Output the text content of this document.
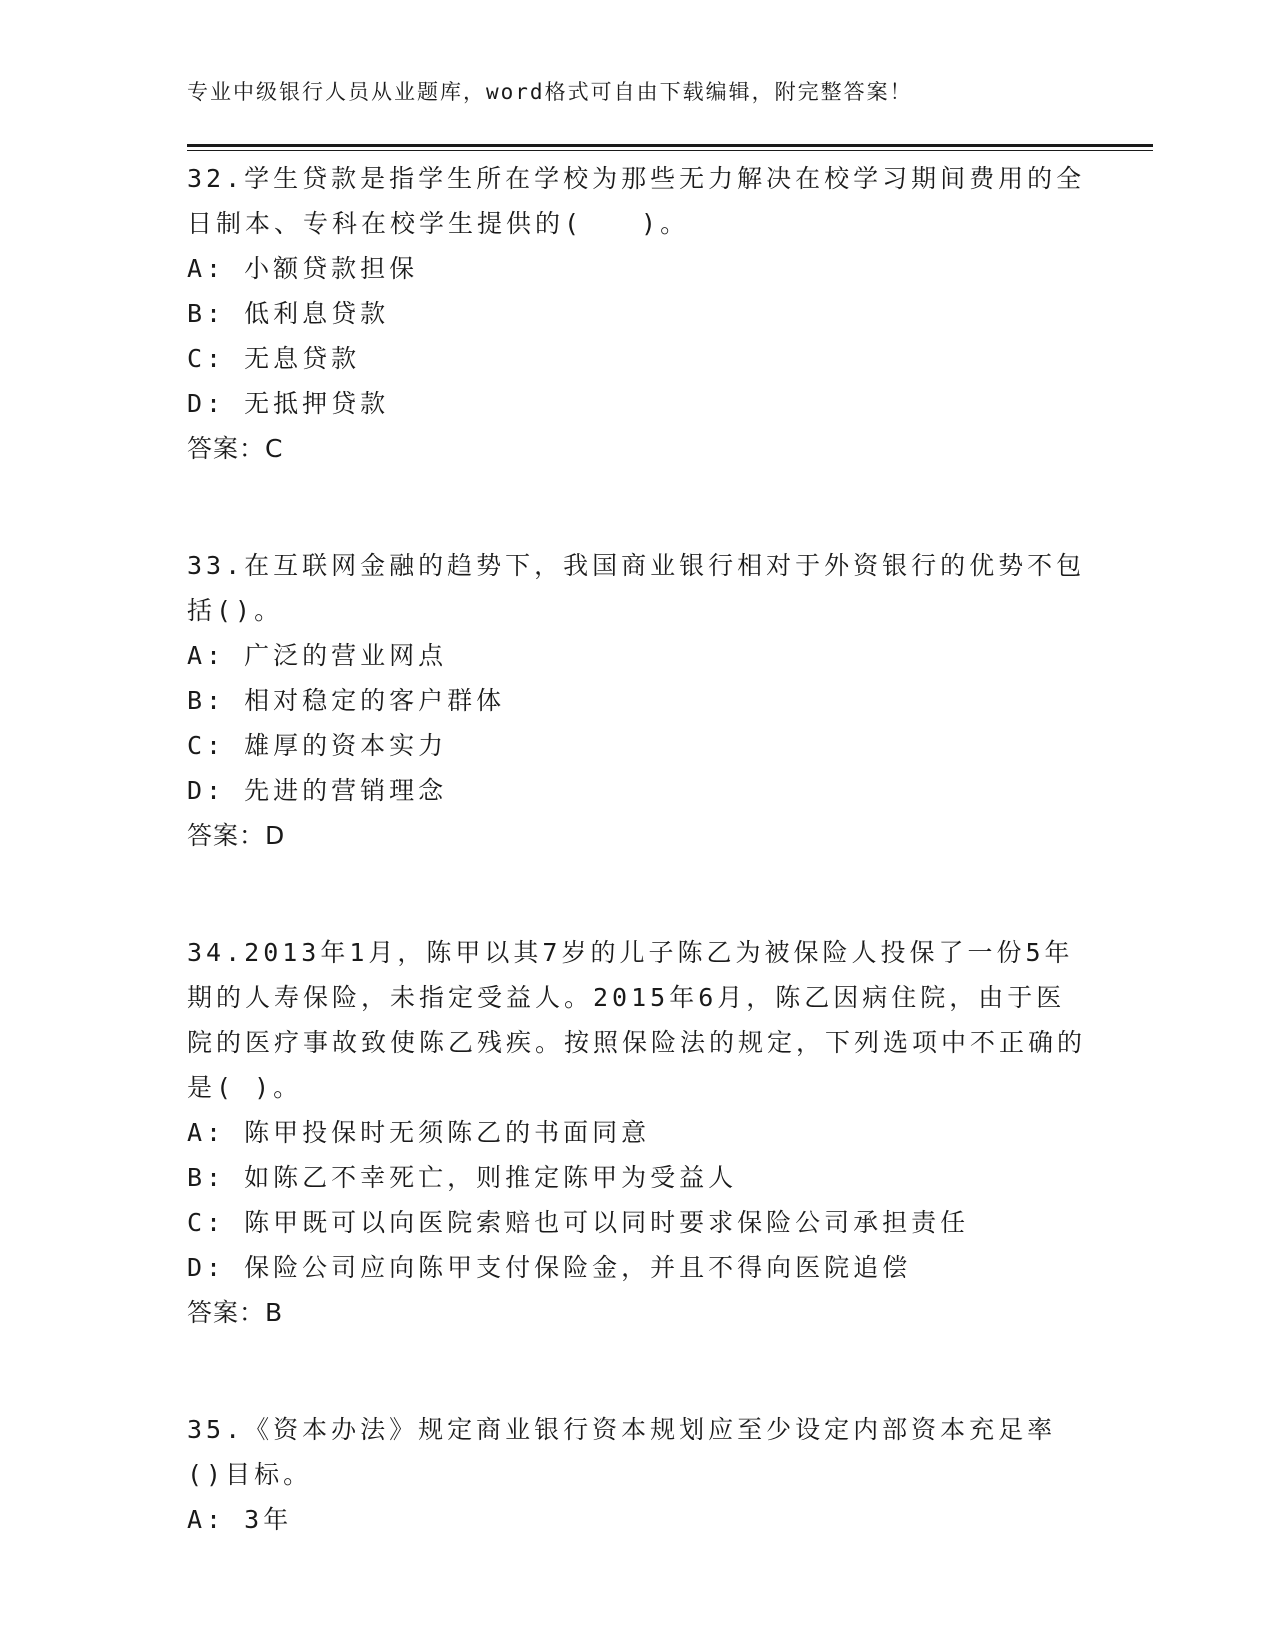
专业中级银行人员从业题库，word格式可自由下载编辑，附完整答案！

32.学生贷款是指学生所在学校为那些无力解决在校学习期间费用的全日制本、专科在校学生提供的(　　)。

A: 小额贷款担保

B: 低利息贷款

C: 无息贷款

D: 无抵押贷款

答案：C

33.在互联网金融的趋势下，我国商业银行相对于外资银行的优势不包括()。

A: 广泛的营业网点

B: 相对稳定的客户群体

C: 雄厚的资本实力

D: 先进的营销理念

答案：D

34.2013年1月，陈甲以其7岁的儿子陈乙为被保险人投保了一份5年期的人寿保险，未指定受益人。2015年6月，陈乙因病住院，由于医院的医疗事故致使陈乙残疾。按照保险法的规定，下列选项中不正确的是( )。

A: 陈甲投保时无须陈乙的书面同意

B: 如陈乙不幸死亡，则推定陈甲为受益人

C: 陈甲既可以向医院索赔也可以同时要求保险公司承担责任

D: 保险公司应向陈甲支付保险金，并且不得向医院追偿

答案：B

35.《资本办法》规定商业银行资本规划应至少设定内部资本充足率()目标。

A: 3年
